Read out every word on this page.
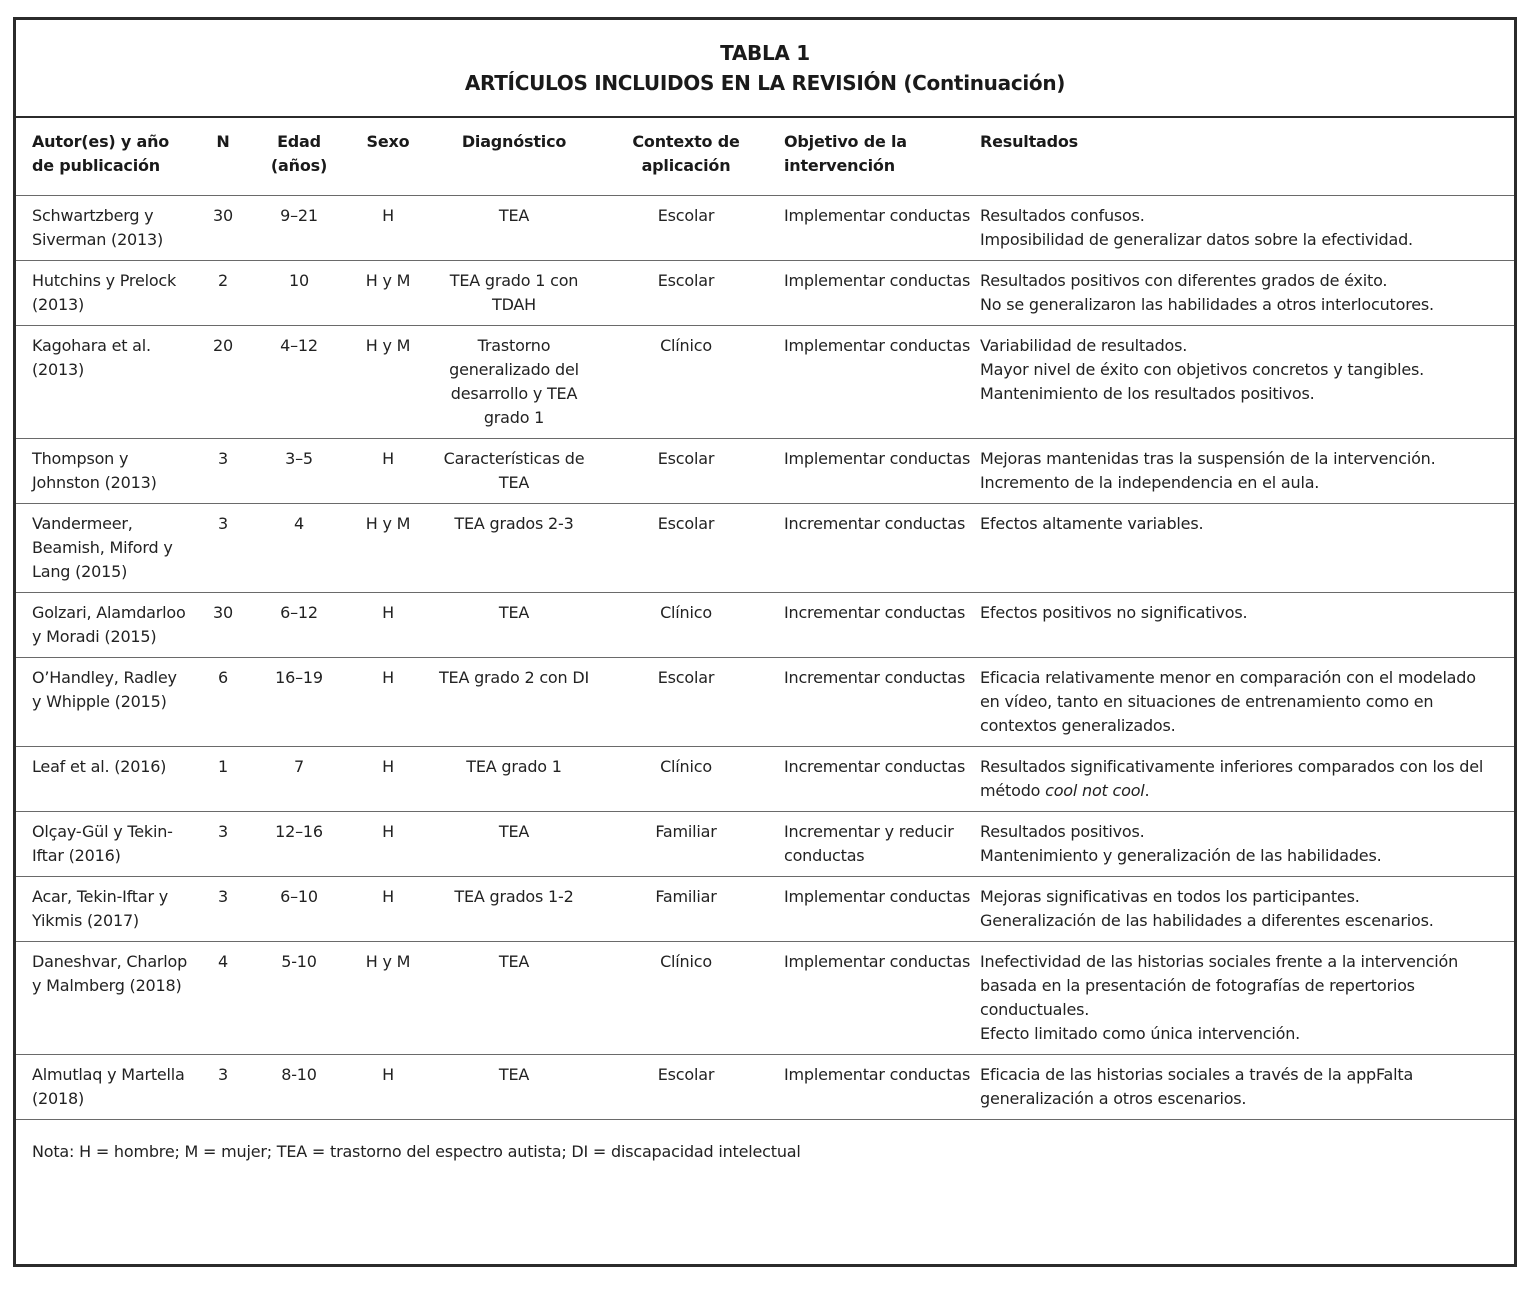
TABLA 1
ARTÍCULOS INCLUIDOS EN LA REVISIÓN (Continuación)
Autor(es) y año de publicación	N	Edad (años)	Sexo	Diagnóstico	Contexto de aplicación	Objetivo de la intervención	Resultados
Schwartzberg y Siverman (2013)	30	9–21	H	TEA	Escolar	Implementar conductas	Resultados confusos.
Imposibilidad de generalizar datos sobre la efectividad.

Hutchins y Prelock (2013)	2	10	H y M	TEA grado 1 con TDAH	Escolar	Implementar conductas	Resultados positivos con diferentes grados de éxito.
No se generalizaron las habilidades a otros interlocutores.

Kagohara et al. (2013)	20	4–12	H y M	Trastorno generalizado del desarrollo y TEA grado 1	Clínico	Implementar conductas	Variabilidad de resultados.
Mayor nivel de éxito con objetivos concretos y tangibles.
Mantenimiento de los resultados positivos.

Thompson y Johnston (2013)	3	3–5	H	Características de TEA	Escolar	Implementar conductas	Mejoras mantenidas tras la suspensión de la intervención.
Incremento de la independencia en el aula.

Vandermeer, Beamish, Miford y Lang (2015)	3	4	H y M	TEA grados 2-3	Escolar	Incrementar conductas	Efectos altamente variables.

Golzari, Alamdarloo y Moradi (2015)	30	6–12	H	TEA	Clínico	Incrementar conductas	Efectos positivos no significativos.

O’Handley, Radley y Whipple (2015)	6	16–19	H	TEA grado 2 con DI	Escolar	Incrementar conductas	Eficacia relativamente menor en comparación con el modelado en vídeo, tanto en situaciones de entrenamiento como en contextos generalizados.

Leaf et al. (2016)	1	7	H	TEA grado 1	Clínico	Incrementar conductas	Resultados significativamente inferiores comparados con los del método cool not cool.
Olçay-Gül y Tekin-Iftar (2016)	3	12–16	H	TEA	Familiar	Incrementar y reducir conductas	Resultados positivos.
Mantenimiento y generalización de las habilidades.

Acar, Tekin-Iftar y Yikmis (2017)	3	6–10	H	TEA grados 1-2	Familiar	Implementar conductas	Mejoras significativas en todos los participantes.
Generalización de las habilidades a diferentes escenarios.

Daneshvar, Charlop y Malmberg (2018)	4	5-10	H y M	TEA	Clínico	Implementar conductas	Inefectividad de las historias sociales frente a la intervención basada en la presentación de fotografías de repertorios conductuales.
Efecto limitado como única intervención.

Almutlaq y Martella (2018)	3	8-10	H	TEA	Escolar	Implementar conductas	Eficacia de las historias sociales a través de la appFalta generalización a otros escenarios.
Nota: H = hombre; M = mujer; TEA = trastorno del espectro autista; DI = discapacidad intelectual
